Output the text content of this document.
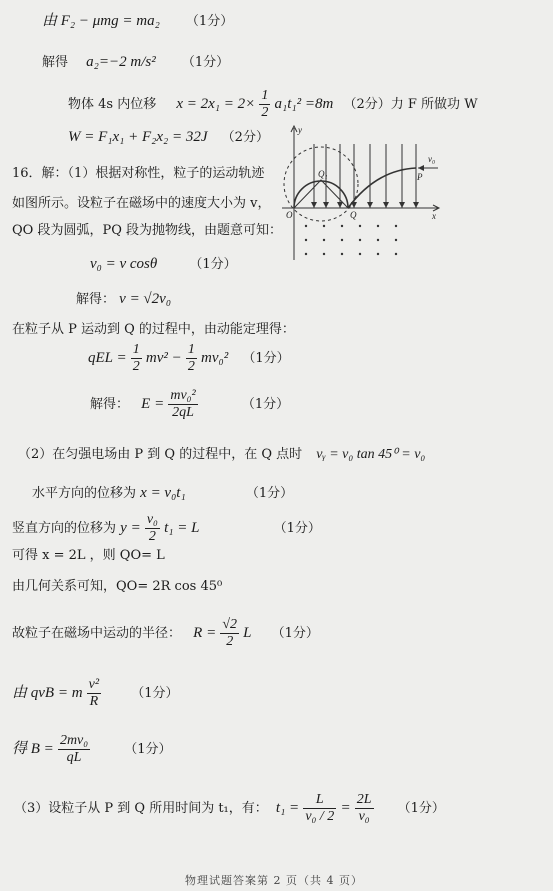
由 F₂ − μmg = ma₂ （1分）
解得 a₂=−2 m/s² （1分）
物体 4s 内位移 $x = 2x_1 = 2\times \frac{1}{2} a_1t_1^2 =8m$ （2分）力 F 所做功 W
W = F₁x₁ + F₂x₂ = 32J （2分）
16．解：（1）根据对称性，粒子的运动轨迹
如图所示。设粒子在磁场中的速度大小为 v，
QO 段为圆弧，PQ 段为抛物线，由题意可知：
v₀ = v cosθ （1分）
解得： v = √2v₀
在粒子从 P 运动到 Q 的过程中，由动能定理得：
qEL = $\frac{1}{2} mv^2 - \frac{1}{2} mv_0^2$ （1分）
解得： $E = \frac{\text{mv₀²}}{2qL}$	（1分）
（2）在匀强电场由 P 到 Q 的过程中，在 Q 点时 vᵧ = v₀ tan 45⁰ = v₀
水平方向的位移为 x = v₀t₁	（1分）
竖直方向的位移为 $y = \frac{\text{v₀}}{2} t_1 = L$	（1分）
可得 x = 2L ，则 QO= L
由几何关系可知，QO= 2R cos 45⁰
故粒子在磁场中运动的半径： $R = \frac{√2}{2}$ L （1分）
由 qvB = m $\frac{\text{v²}}{R} (1$分）
得 $B = \frac{\text{2mv₀}}{qL}$	（1分）
（3）设粒子从 P 到 Q 所用时间为 t₁，有： $t_1 = \frac{L}{\text{v₀ / 2}} = \frac{2L}{\text{v₀}} (1$分）
y
x
O	Q
P
Q₁
v₀
物理试题答案第 2 页（共 4 页）
